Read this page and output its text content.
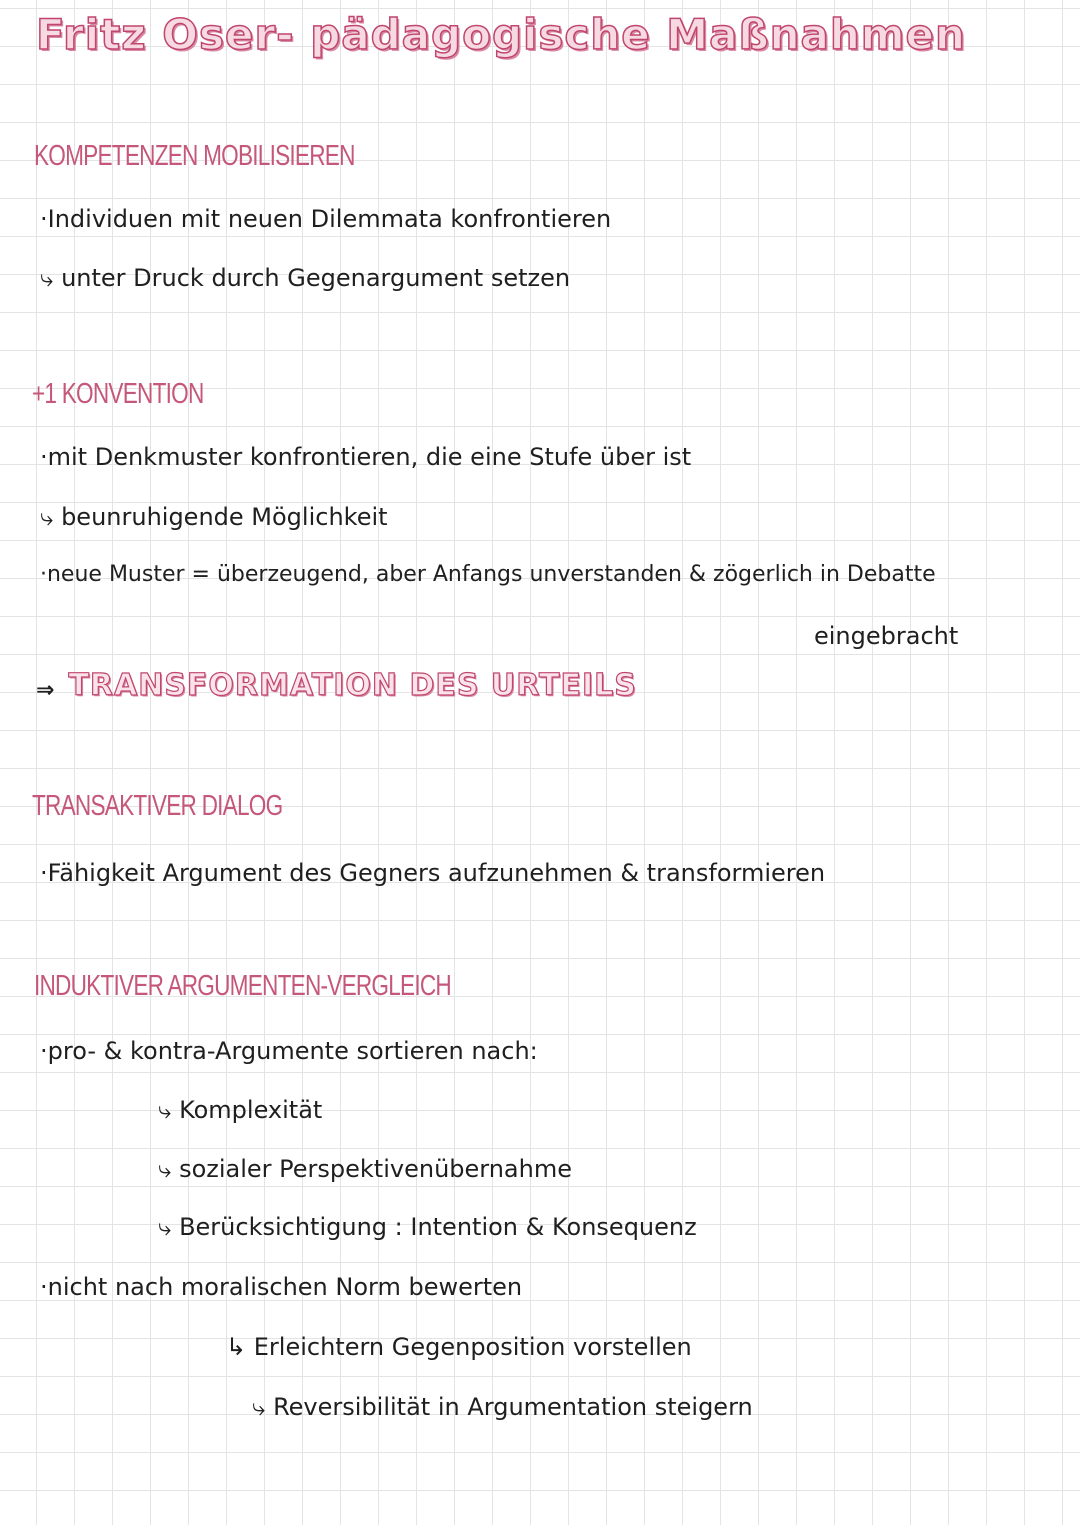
Fritz Oser- pädagogische Maßnahmen
KOMPETENZEN MOBILISIEREN
·Individuen mit neuen Dilemmata konfrontieren
⤷ unter Druck durch Gegenargument setzen
+1 KONVENTION
·mit Denkmuster konfrontieren, die eine Stufe über ist
⤷ beunruhigende Möglichkeit
·neue Muster = überzeugend, aber Anfangs unverstanden & zögerlich in Debatte
eingebracht
⇒ TRANSFORMATION DES URTEILS
TRANSAKTIVER DIALOG
·Fähigkeit Argument des Gegners aufzunehmen & transformieren
INDUKTIVER ARGUMENTEN-VERGLEICH
·pro- & kontra-Argumente sortieren nach:
⤷ Komplexität
⤷ sozialer Perspektivenübernahme
⤷ Berücksichtigung : Intention & Konsequenz
·nicht nach moralischen Norm bewerten
↳ Erleichtern Gegenposition vorstellen
⤷ Reversibilität in Argumentation steigern
